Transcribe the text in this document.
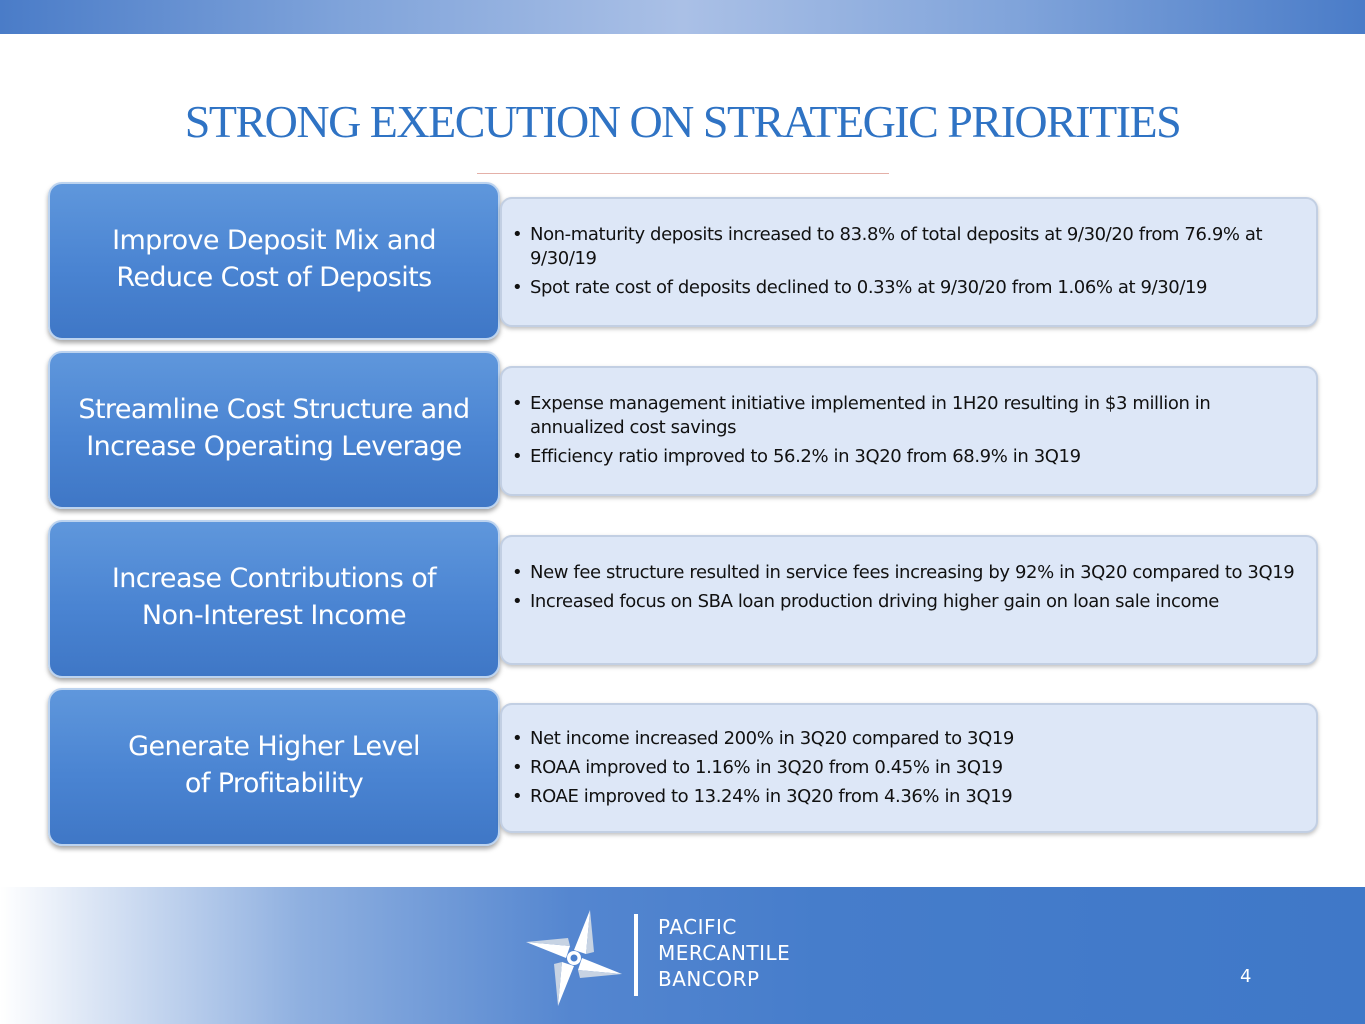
STRONG EXECUTION ON STRATEGIC PRIORITIES
Improve Deposit Mix and
Reduce Cost of Deposits
• Non-maturity deposits increased to 83.8% of total deposits at 9/30/20 from 76.9% at 9/30/19
• Spot rate cost of deposits declined to 0.33% at 9/30/20 from 1.06% at 9/30/19
Streamline Cost Structure and
Increase Operating Leverage
• Expense management initiative implemented in 1H20 resulting in $3 million in annualized cost savings
• Efficiency ratio improved to 56.2% in 3Q20 from 68.9% in 3Q19
Increase Contributions of
Non-Interest Income
• New fee structure resulted in service fees increasing by 92% in 3Q20 compared to 3Q19
• Increased focus on SBA loan production driving higher gain on loan sale income
Generate Higher Level
of Profitability
• Net income increased 200% in 3Q20 compared to 3Q19
• ROAA improved to 1.16% in 3Q20 from 0.45% in 3Q19
• ROAE improved to 13.24% in 3Q20 from 4.36% in 3Q19
PACIFIC
MERCANTILE
BANCORP	4
